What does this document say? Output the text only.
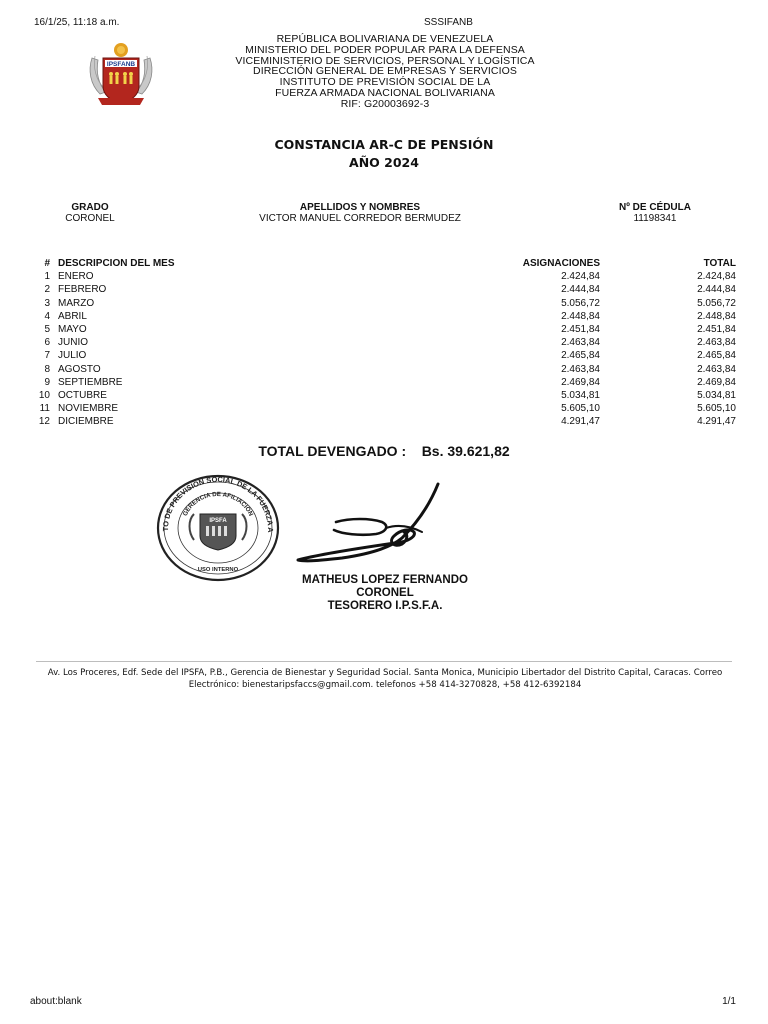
16/1/25, 11:18 a.m.	SSSIFANB
IPSFANB
REPÚBLICA BOLIVARIANA DE VENEZUELA
MINISTERIO DEL PODER POPULAR PARA LA DEFENSA
VICEMINISTERIO DE SERVICIOS, PERSONAL Y LOGÍSTICA
DIRECCIÓN GENERAL DE EMPRESAS Y SERVICIOS
INSTITUTO DE PREVISIÓN SOCIAL DE LA
FUERZA ARMADA NACIONAL BOLIVARIANA
RIF: G20003692-3
CONSTANCIA AR-C DE PENSIÓN
AÑO 2024
GRADO
CORONEL
APELLIDOS Y NOMBRES
VICTOR MANUEL CORREDOR BERMUDEZ
Nº DE CÉDULA
11198341
#	DESCRIPCION DEL MES	ASIGNACIONES	TOTAL
1	ENERO	2.424,84	2.424,84
2	FEBRERO	2.444,84	2.444,84
3	MARZO	5.056,72	5.056,72
4	ABRIL	2.448,84	2.448,84
5	MAYO	2.451,84	2.451,84
6	JUNIO	2.463,84	2.463,84
7	JULIO	2.465,84	2.465,84
8	AGOSTO	2.463,84	2.463,84
9	SEPTIEMBRE	2.469,84	2.469,84
10	OCTUBRE	5.034,81	5.034,81
11	NOVIEMBRE	5.605,10	5.605,10
12	DICIEMBRE	4.291,47	4.291,47
TOTAL DEVENGADO : Bs. 39.621,82
TO DE PREVISION SOCIAL DE LA FUERZA A
GERENCIA DE AFILIACION
IPSFA
USO INTERNO
MATHEUS LOPEZ FERNANDO
CORONEL
TESORERO I.P.S.F.A.
Av. Los Proceres, Edf. Sede del IPSFA, P.B., Gerencia de Bienestar y Seguridad Social. Santa Monica, Municipio Libertador del Distrito Capital, Caracas. Correo
Electrónico: bienestaripsfaccs@gmail.com. telefonos +58 414-3270828, +58 412-6392184
about:blank	1/1
